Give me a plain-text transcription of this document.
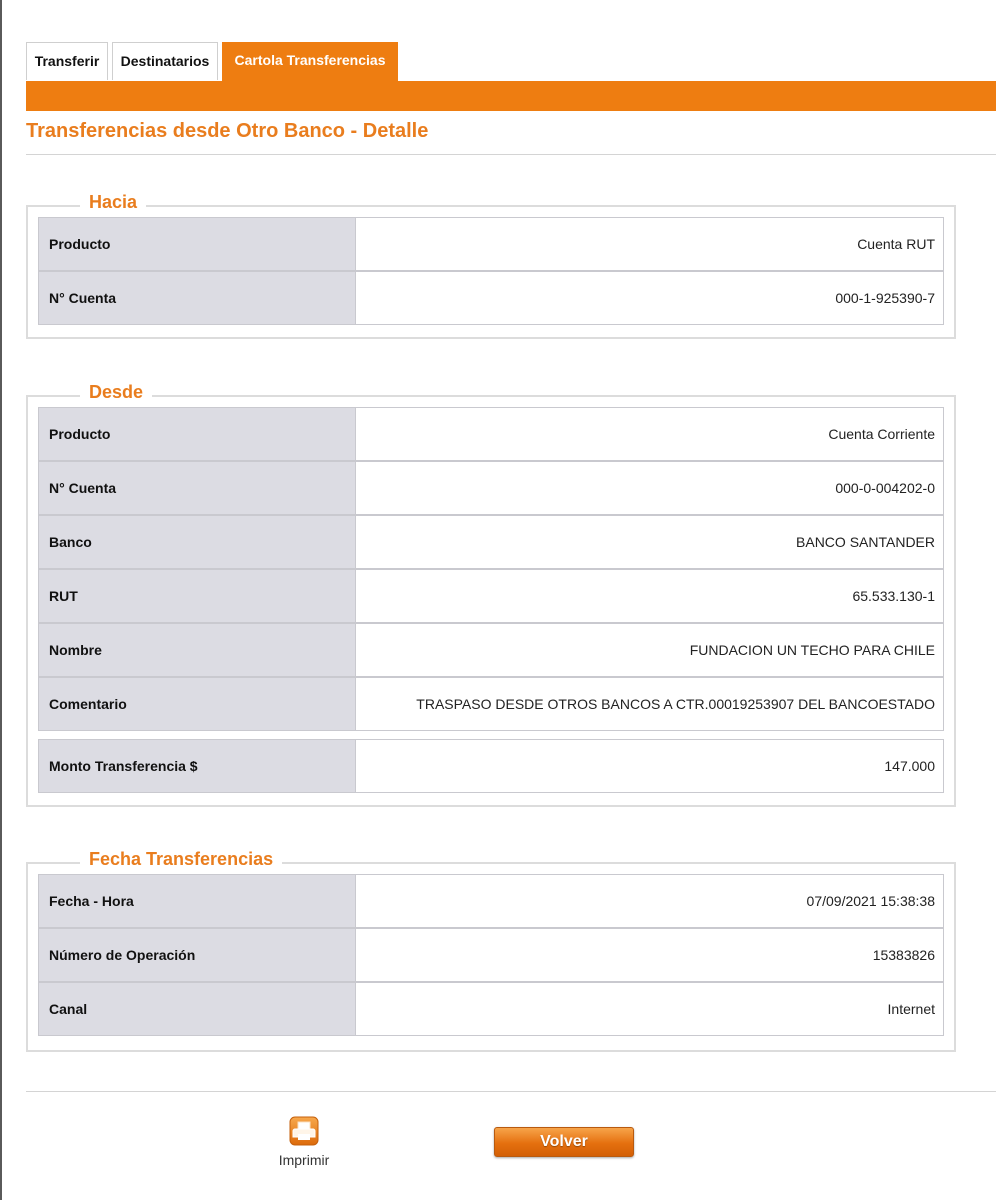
Transferir	Destinatarios	Cartola Transferencias
Transferencias desde Otro Banco - Detalle
Hacia
Producto	Cuenta RUT
N° Cuenta	000-1-925390-7
Desde
Producto	Cuenta Corriente
N° Cuenta	000-0-004202-0
Banco	BANCO SANTANDER
RUT	65.533.130-1
Nombre	FUNDACION UN TECHO PARA CHILE
Comentario	TRASPASO DESDE OTROS BANCOS A CTR.00019253907 DEL BANCOESTADO
Monto Transferencia $	147.000
Fecha Transferencias
Fecha - Hora	07/09/2021 15:38:38
Número de Operación	15383826
Canal	Internet
Imprimir
Volver
